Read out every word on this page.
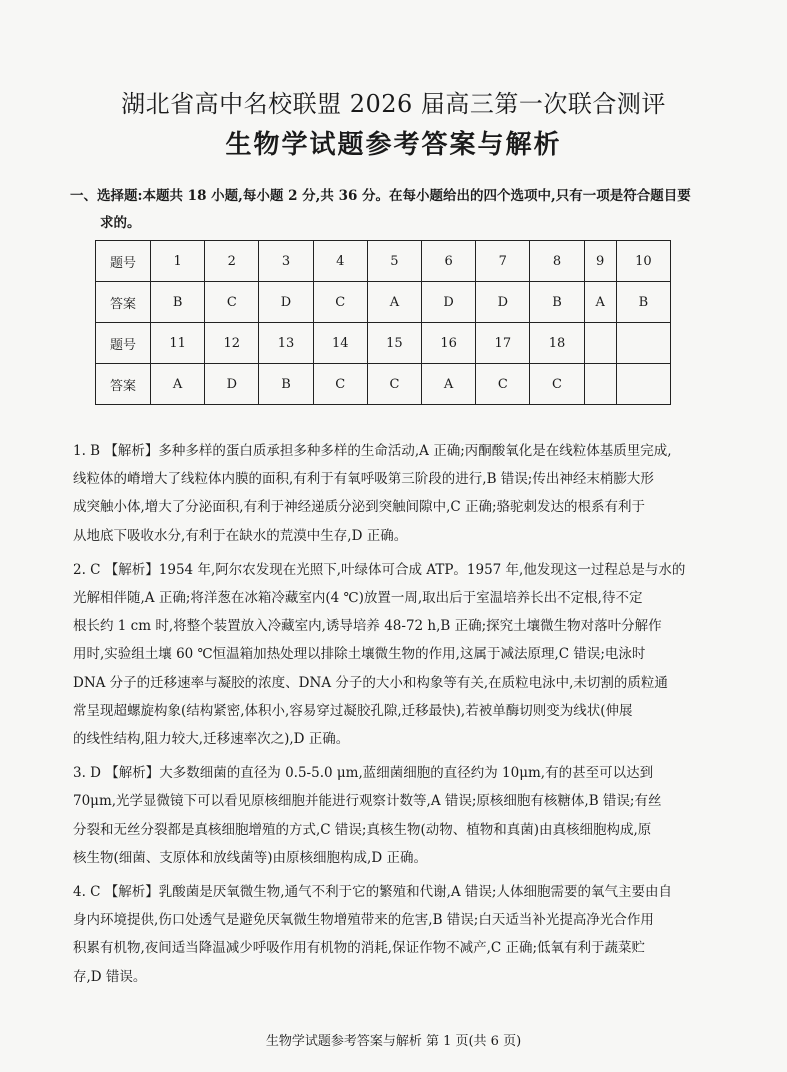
湖北省高中名校联盟 2026 届高三第一次联合测评
生物学试题参考答案与解析
一、选择题:本题共 18 小题,每小题 2 分,共 36 分。在每小题给出的四个选项中,只有一项是符合题目要
求的。
题号	1	2	3	4	5	6	7	8	9	10
答案	B	C	D	C	A	D	D	B	A	B
题号	11	12	13	14	15	16	17	18		
答案	A	D	B	C	C	A	C	C		
1. B 【解析】多种多样的蛋白质承担多种多样的生命活动,A 正确;丙酮酸氧化是在线粒体基质里完成,
线粒体的嵴增大了线粒体内膜的面积,有利于有氧呼吸第三阶段的进行,B 错误;传出神经末梢膨大形
成突触小体,增大了分泌面积,有利于神经递质分泌到突触间隙中,C 正确;骆驼刺发达的根系有利于
从地底下吸收水分,有利于在缺水的荒漠中生存,D 正确。
2. C 【解析】1954 年,阿尔农发现在光照下,叶绿体可合成 ATP。1957 年,他发现这一过程总是与水的
光解相伴随,A 正确;将洋葱在冰箱冷藏室内(4 ℃)放置一周,取出后于室温培养长出不定根,待不定
根长约 1 cm 时,将整个装置放入冷藏室内,诱导培养 48-72 h,B 正确;探究土壤微生物对落叶分解作
用时,实验组土壤 60 ℃恒温箱加热处理以排除土壤微生物的作用,这属于减法原理,C 错误;电泳时
DNA 分子的迁移速率与凝胶的浓度、DNA 分子的大小和构象等有关,在质粒电泳中,未切割的质粒通
常呈现超螺旋构象(结构紧密,体积小,容易穿过凝胶孔隙,迁移最快),若被单酶切则变为线状(伸展
的线性结构,阻力较大,迁移速率次之),D 正确。
3. D 【解析】大多数细菌的直径为 0.5-5.0 μm,蓝细菌细胞的直径约为 10μm,有的甚至可以达到
70μm,光学显微镜下可以看见原核细胞并能进行观察计数等,A 错误;原核细胞有核糖体,B 错误;有丝
分裂和无丝分裂都是真核细胞增殖的方式,C 错误;真核生物(动物、植物和真菌)由真核细胞构成,原
核生物(细菌、支原体和放线菌等)由原核细胞构成,D 正确。
4. C 【解析】乳酸菌是厌氧微生物,通气不利于它的繁殖和代谢,A 错误;人体细胞需要的氧气主要由自
身内环境提供,伤口处透气是避免厌氧微生物增殖带来的危害,B 错误;白天适当补光提高净光合作用
积累有机物,夜间适当降温减少呼吸作用有机物的消耗,保证作物不减产,C 正确;低氧有利于蔬菜贮
存,D 错误。
生物学试题参考答案与解析 第 1 页(共 6 页)
